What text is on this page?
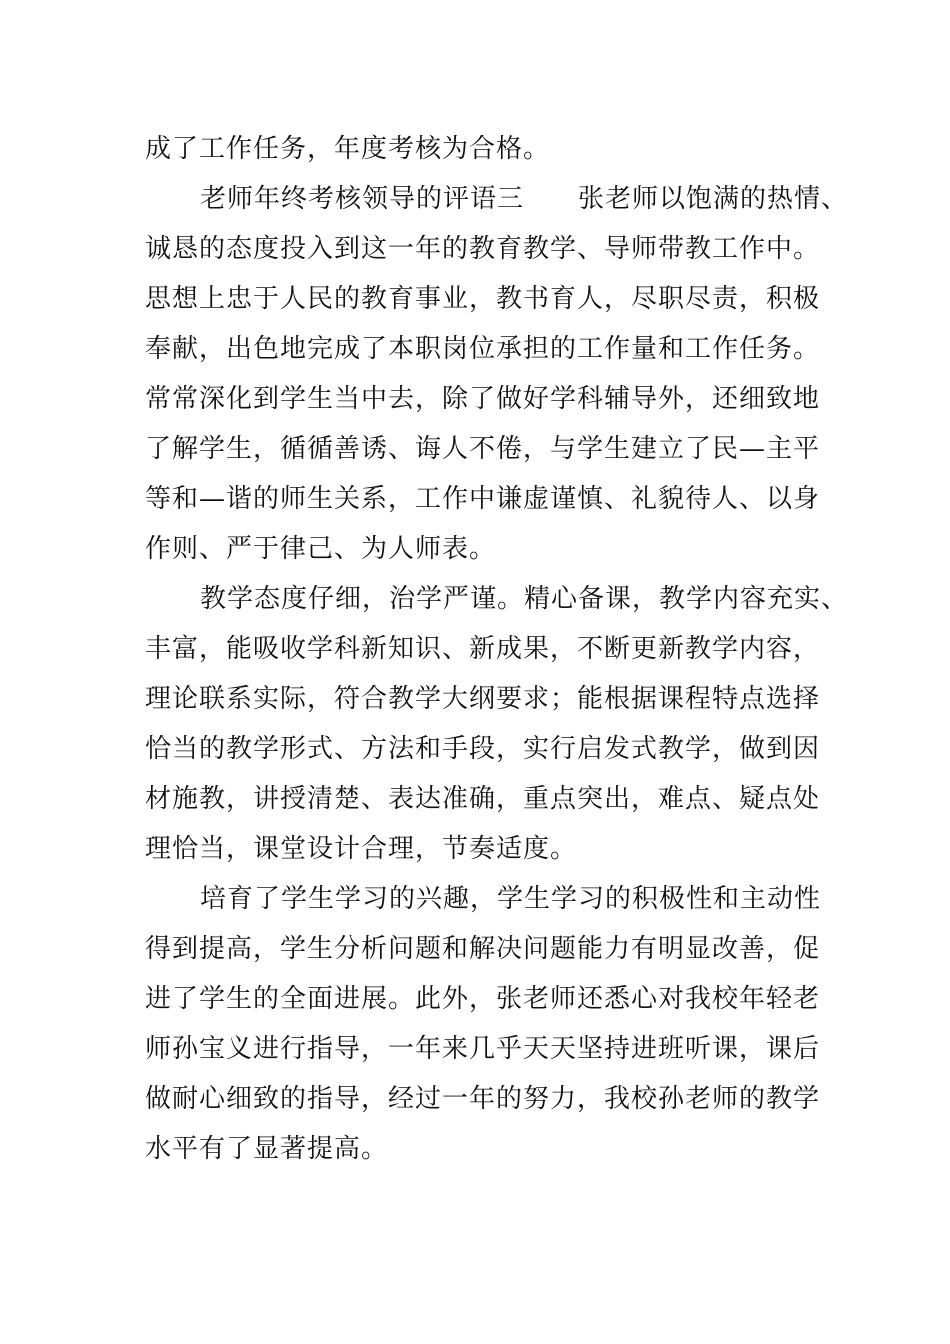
成了工作任务，年度考核为合格。
老师年终考核领导的评语三　　张老师以饱满的热情、
诚恳的态度投入到这一年的教育教学、导师带教工作中。
思想上忠于人民的教育事业，教书育人，尽职尽责，积极
奉献，出色地完成了本职岗位承担的工作量和工作任务。
常常深化到学生当中去，除了做好学科辅导外，还细致地
了解学生，循循善诱、诲人不倦，与学生建立了民—主平
等和—谐的师生关系，工作中谦虚谨慎、礼貌待人、以身
作则、严于律己、为人师表。
教学态度仔细，治学严谨。精心备课，教学内容充实、
丰富，能吸收学科新知识、新成果，不断更新教学内容，
理论联系实际，符合教学大纲要求；能根据课程特点选择
恰当的教学形式、方法和手段，实行启发式教学，做到因
材施教，讲授清楚、表达准确，重点突出，难点、疑点处
理恰当，课堂设计合理，节奏适度。
培育了学生学习的兴趣，学生学习的积极性和主动性
得到提高，学生分析问题和解决问题能力有明显改善，促
进了学生的全面进展。此外，张老师还悉心对我校年轻老
师孙宝义进行指导，一年来几乎天天坚持进班听课，课后
做耐心细致的指导，经过一年的努力，我校孙老师的教学
水平有了显著提高。
